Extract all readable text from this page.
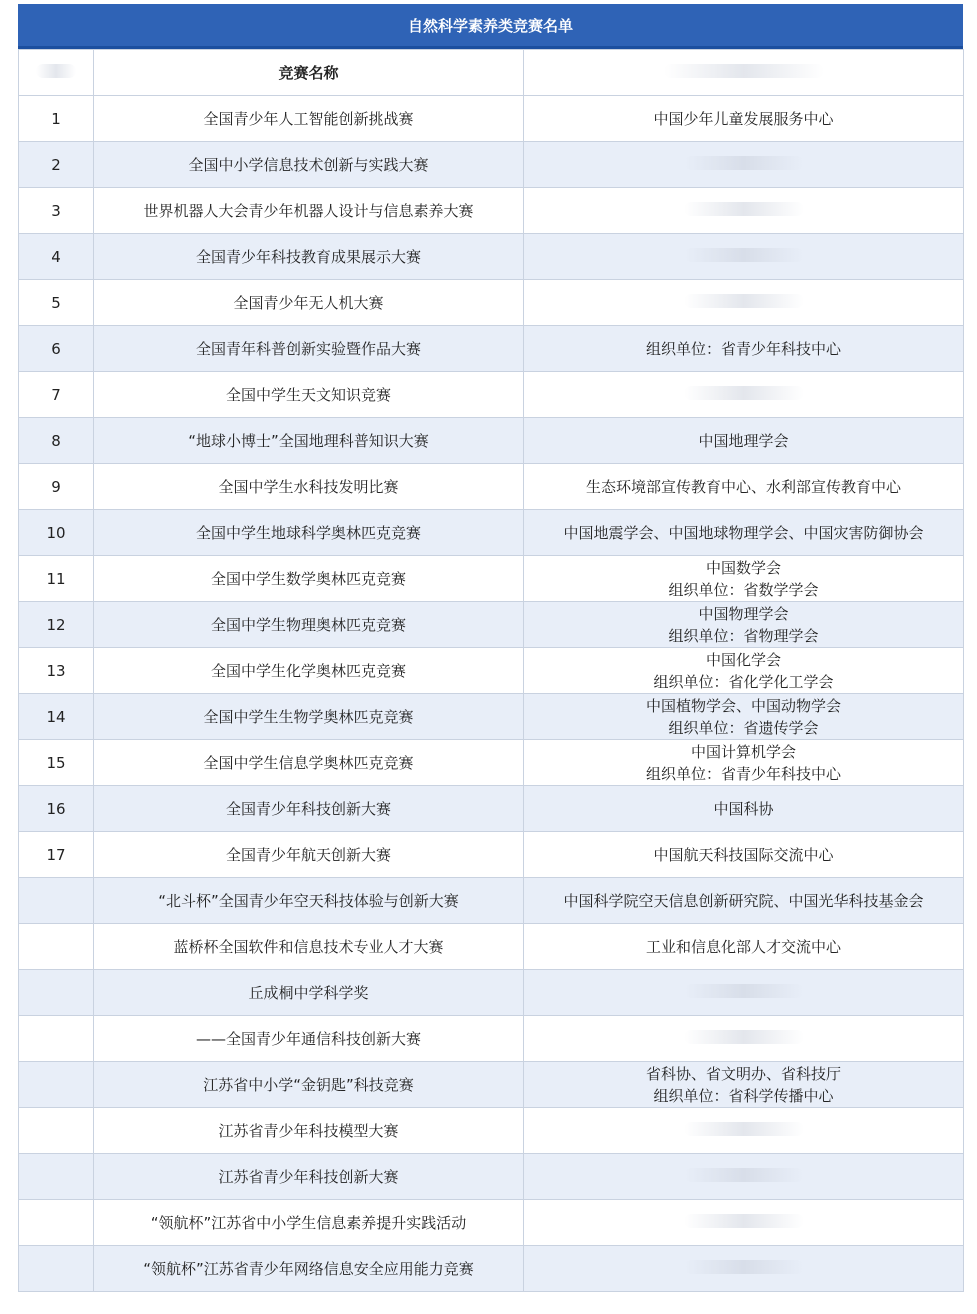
自然科学素养类竞赛名单
	竞赛名称	
1	全国青少年人工智能创新挑战赛	中国少年儿童发展服务中心

2	全国中小学信息技术创新与实践大赛	
3	世界机器人大会青少年机器人设计与信息素养大赛	
4	全国青少年科技教育成果展示大赛	
5	全国青少年无人机大赛	
6	全国青年科普创新实验暨作品大赛	组织单位：省青少年科技中心

7	全国中学生天文知识竞赛	
8	“地球小博士”全国地理科普知识大赛	中国地理学会

9	全国中学生水科技发明比赛	生态环境部宣传教育中心、水利部宣传教育中心

10	全国中学生地球科学奥林匹克竞赛	中国地震学会、中国地球物理学会、中国灾害防御协会

11	全国中学生数学奥林匹克竞赛	中国数学会
组织单位：省数学学会

12	全国中学生物理奥林匹克竞赛	中国物理学会
组织单位：省物理学会

13	全国中学生化学奥林匹克竞赛	中国化学会
组织单位：省化学化工学会

14	全国中学生生物学奥林匹克竞赛	中国植物学会、中国动物学会
组织单位：省遗传学会

15	全国中学生信息学奥林匹克竞赛	中国计算机学会
组织单位：省青少年科技中心

16	全国青少年科技创新大赛	中国科协

17	全国青少年航天创新大赛	中国航天科技国际交流中心

	“北斗杯”全国青少年空天科技体验与创新大赛	中国科学院空天信息创新研究院、中国光华科技基金会

	蓝桥杯全国软件和信息技术专业人才大赛	工业和信息化部人才交流中心

	丘成桐中学科学奖	
	——全国青少年通信科技创新大赛	
	江苏省中小学“金钥匙”科技竞赛	省科协、省文明办、省科技厅
组织单位：省科学传播中心

	江苏省青少年科技模型大赛	
	江苏省青少年科技创新大赛	
	“领航杯”江苏省中小学生信息素养提升实践活动	
	“领航杯”江苏省青少年网络信息安全应用能力竞赛	
